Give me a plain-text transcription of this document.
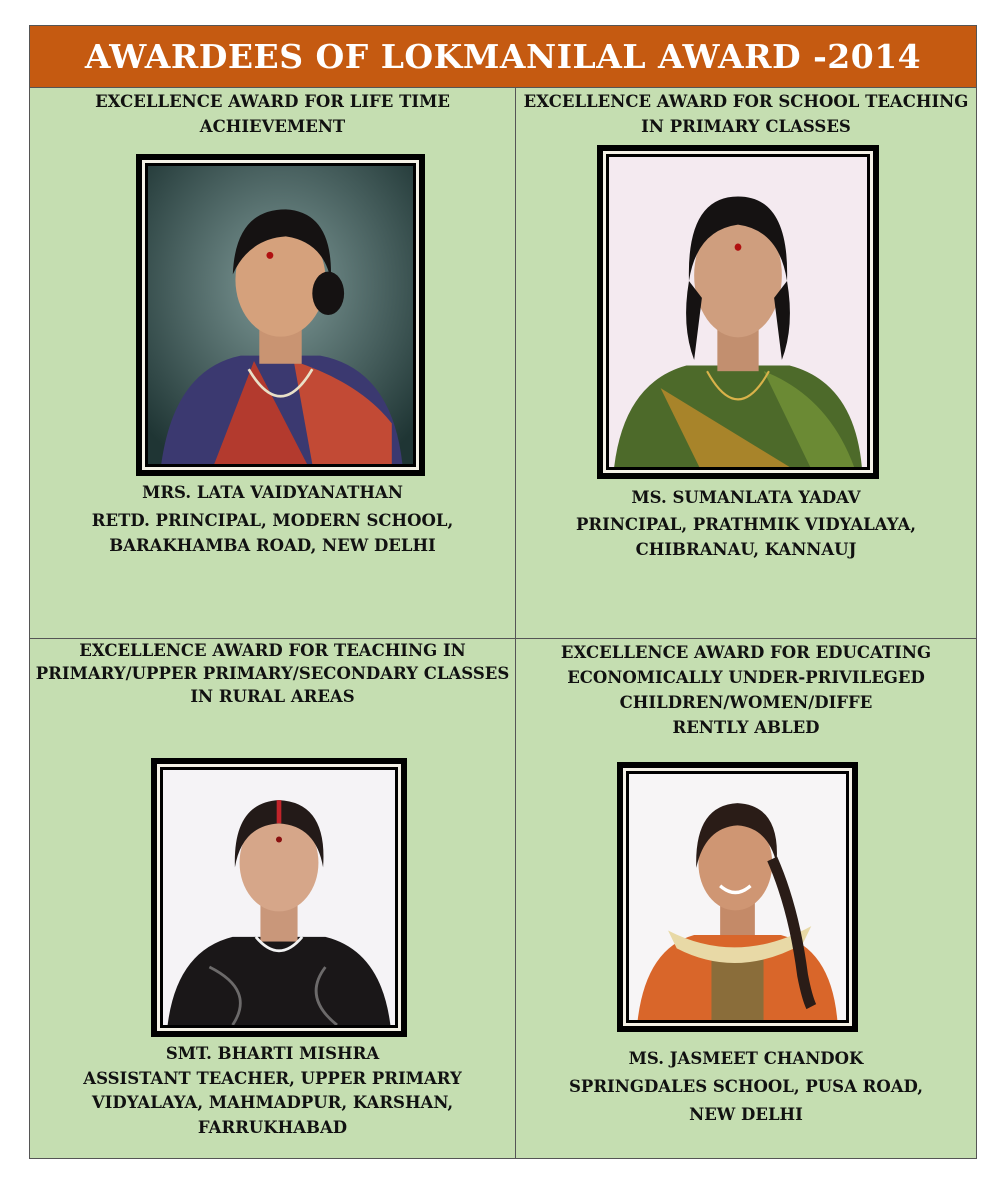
AWARDEES OF LOKMANILAL AWARD -2014
EXCELLENCE AWARD FOR LIFE TIME
ACHIEVEMENT
MRS. LATA VAIDYANATHAN
RETD. PRINCIPAL, MODERN SCHOOL,
BARAKHAMBA ROAD, NEW DELHI
EXCELLENCE AWARD FOR SCHOOL TEACHING
IN PRIMARY CLASSES
MS. SUMANLATA YADAV
PRINCIPAL, PRATHMIK VIDYALAYA,
CHIBRANAU, KANNAUJ
EXCELLENCE AWARD FOR TEACHING IN
PRIMARY/UPPER PRIMARY/SECONDARY CLASSES
IN RURAL AREAS
SMT. BHARTI MISHRA
ASSISTANT TEACHER, UPPER PRIMARY
VIDYALAYA, MAHMADPUR, KARSHAN,
FARRUKHABAD
EXCELLENCE AWARD FOR EDUCATING
ECONOMICALLY UNDER-PRIVILEGED
CHILDREN/WOMEN/DIFFE
RENTLY ABLED
MS. JASMEET CHANDOK
SPRINGDALES SCHOOL, PUSA ROAD,
NEW DELHI
